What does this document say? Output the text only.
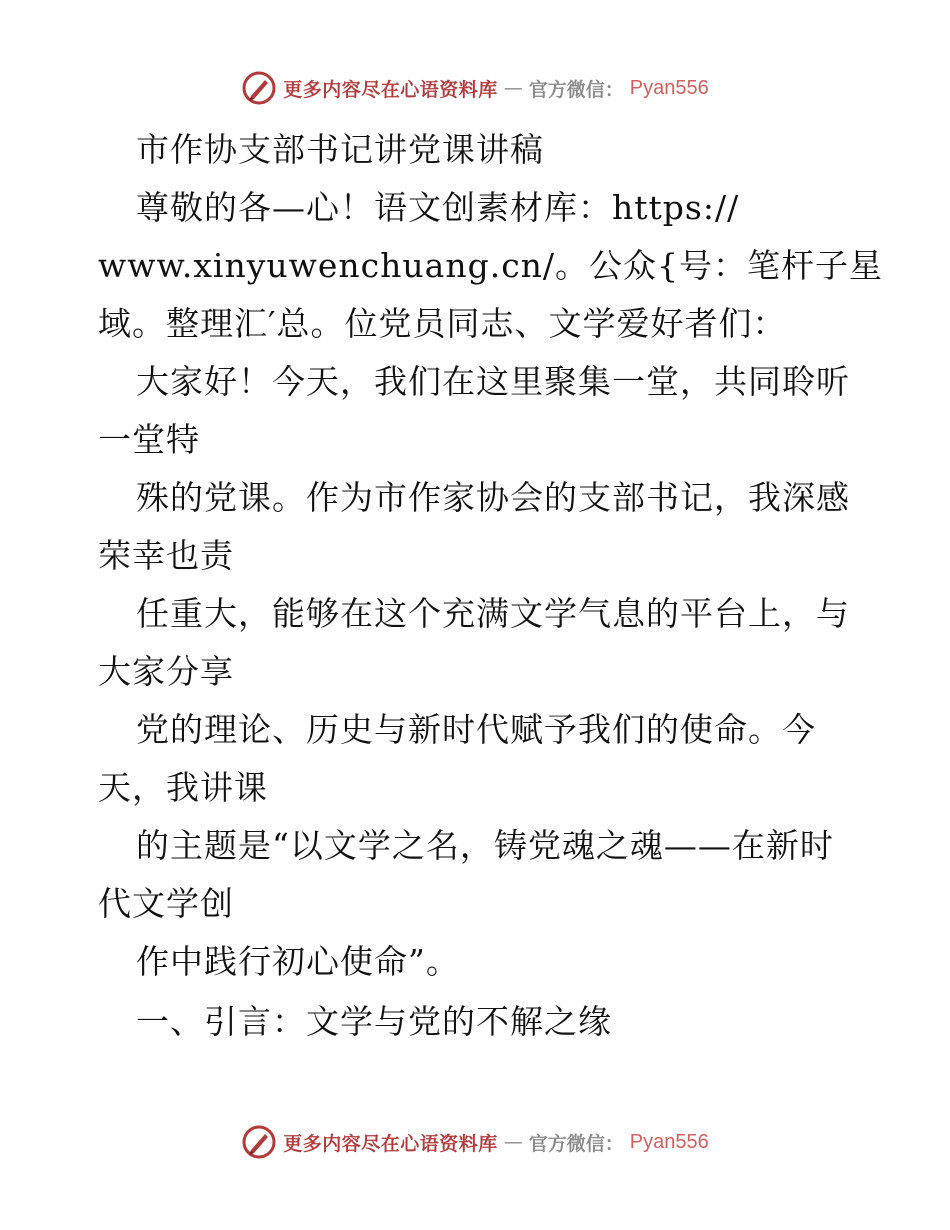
更多内容尽在心语资料库 — 官方微信： Pyan556
市作协支部书记讲党课讲稿
尊敬的各—心！语文创素材库：https://
www.xinyuwenchuang.cn/。公众{号：笔杆子星
域。整理汇′总。位党员同志、文学爱好者们：
大家好！今天，我们在这里聚集一堂，共同聆听
一堂特
殊的党课。作为市作家协会的支部书记，我深感
荣幸也责
任重大，能够在这个充满文学气息的平台上，与
大家分享
党的理论、历史与新时代赋予我们的使命。今
天，我讲课
的主题是“以文学之名，铸党魂之魂——在新时
代文学创
作中践行初心使命”。
一、引言：文学与党的不解之缘
更多内容尽在心语资料库 — 官方微信： Pyan556
